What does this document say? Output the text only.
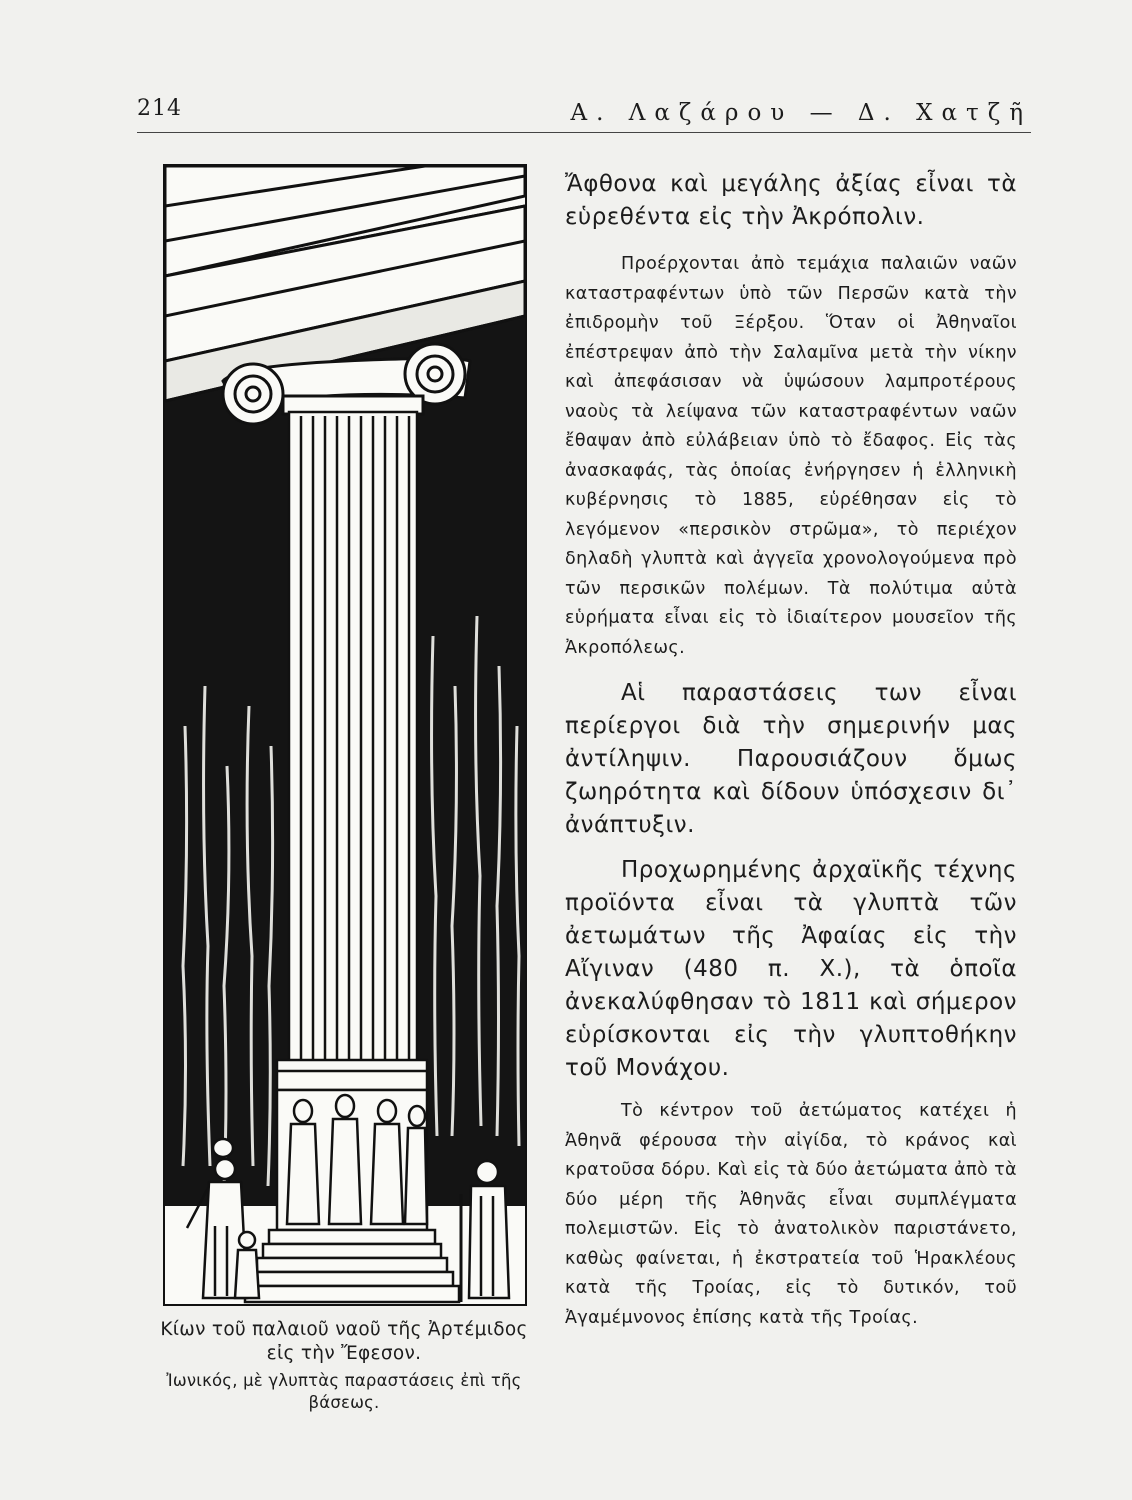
214	Α. Λαζάρου — Δ. Χατζῆ

Κίων τοῦ παλαιοῦ ναοῦ τῆς Ἀρτέμιδος εἰς τὴν Ἔφεσον.

Ἰωνικός, μὲ γλυπτὰς παραστάσεις ἐπὶ τῆς βάσεως.

Ἄφθονα καὶ μεγάλης ἀξίας εἶναι τὰ εὑρεθέντα εἰς τὴν Ἀκρόπολιν.

Προέρχονται ἀπὸ τεμάχια παλαιῶν ναῶν καταστραφέντων ὑπὸ τῶν Περσῶν κατὰ τὴν ἐπιδρομὴν τοῦ Ξέρξου. Ὅταν οἱ Ἀθηναῖοι ἐπέστρεψαν ἀπὸ τὴν Σαλαμῖνα μετὰ τὴν νίκην καὶ ἀπεφάσισαν νὰ ὑψώσουν λαμπροτέρους ναοὺς τὰ λείψανα τῶν καταστραφέντων ναῶν ἔθαψαν ἀπὸ εὐλάβειαν ὑπὸ τὸ ἔδαφος. Εἰς τὰς ἀνασκαφάς, τὰς ὁποίας ἐνήργησεν ἡ ἑλληνικὴ κυβέρνησις τὸ 1885, εὑρέθησαν εἰς τὸ λεγόμενον «περσικὸν στρῶμα», τὸ περιέχον δηλαδὴ γλυπτὰ καὶ ἀγγεῖα χρονολογούμενα πρὸ τῶν περσικῶν πολέμων. Τὰ πολύτιμα αὐτὰ εὑρήματα εἶναι εἰς τὸ ἰδιαίτερον μουσεῖον τῆς Ἀκροπόλεως.

Αἱ παραστάσεις των εἶναι περίεργοι διὰ τὴν σημερινήν μας ἀντίληψιν. Παρουσιάζουν ὅμως ζωηρότητα καὶ δίδουν ὑπόσχεσιν δι᾽ ἀνάπτυξιν.

Προχωρημένης ἀρχαϊκῆς τέχνης προϊόντα εἶναι τὰ γλυπτὰ τῶν ἀετωμάτων τῆς Ἀφαίας εἰς τὴν Αἴγιναν (480 π. Χ.), τὰ ὁποῖα ἀνεκαλύφθησαν τὸ 1811 καὶ σήμερον εὑρίσκονται εἰς τὴν γλυπτοθήκην τοῦ Μονάχου.

Τὸ κέντρον τοῦ ἀετώματος κατέχει ἡ Ἀθηνᾶ φέρουσα τὴν αἰγίδα, τὸ κράνος καὶ κρατοῦσα δόρυ. Καὶ εἰς τὰ δύο ἀετώματα ἀπὸ τὰ δύο μέρη τῆς Ἀθηνᾶς εἶναι συμπλέγματα πολεμιστῶν. Εἰς τὸ ἀνατολικὸν παριστάνετο, καθὼς φαίνεται, ἡ ἐκστρατεία τοῦ Ἡρακλέους κατὰ τῆς Τροίας, εἰς τὸ δυτικόν, τοῦ Ἀγαμέμνονος ἐπίσης κατὰ τῆς Τροίας.
